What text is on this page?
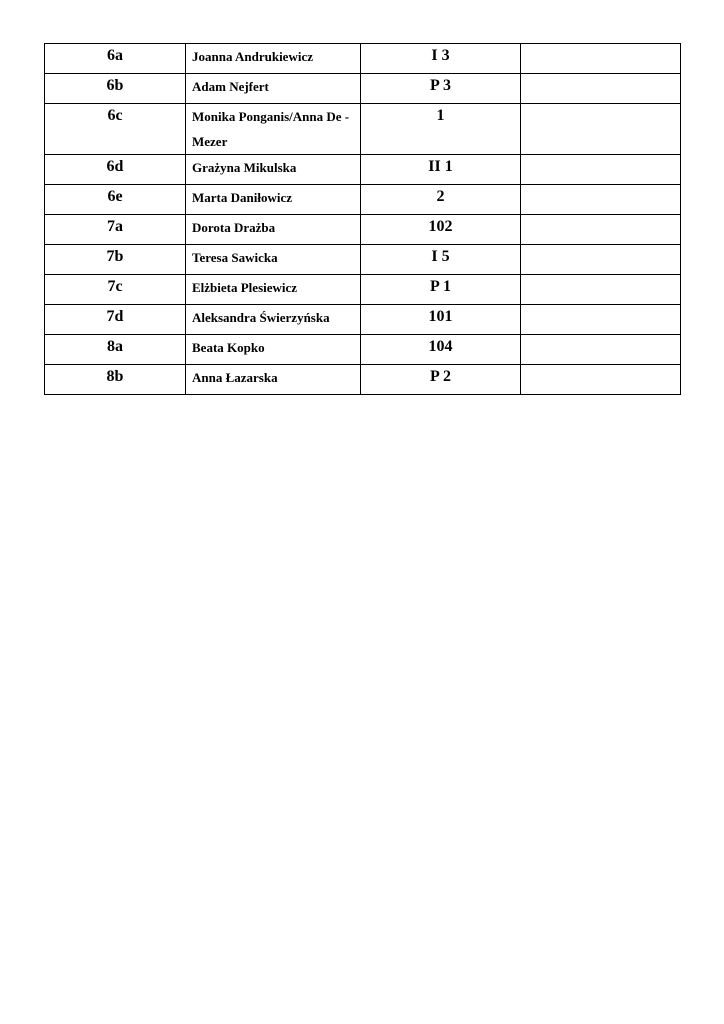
6a	Joanna Andrukiewicz	I 3	
6b	Adam Nejfert	P 3	
6c	Monika Ponganis/Anna De -Mezer	1	
6d	Grażyna Mikulska	II 1	
6e	Marta Daniłowicz	2	
7a	Dorota Drażba	102	
7b	Teresa Sawicka	I 5	
7c	Elżbieta Plesiewicz	P 1	
7d	Aleksandra Świerzyńska	101	
8a	Beata Kopko	104	
8b	Anna Łazarska	P 2	
